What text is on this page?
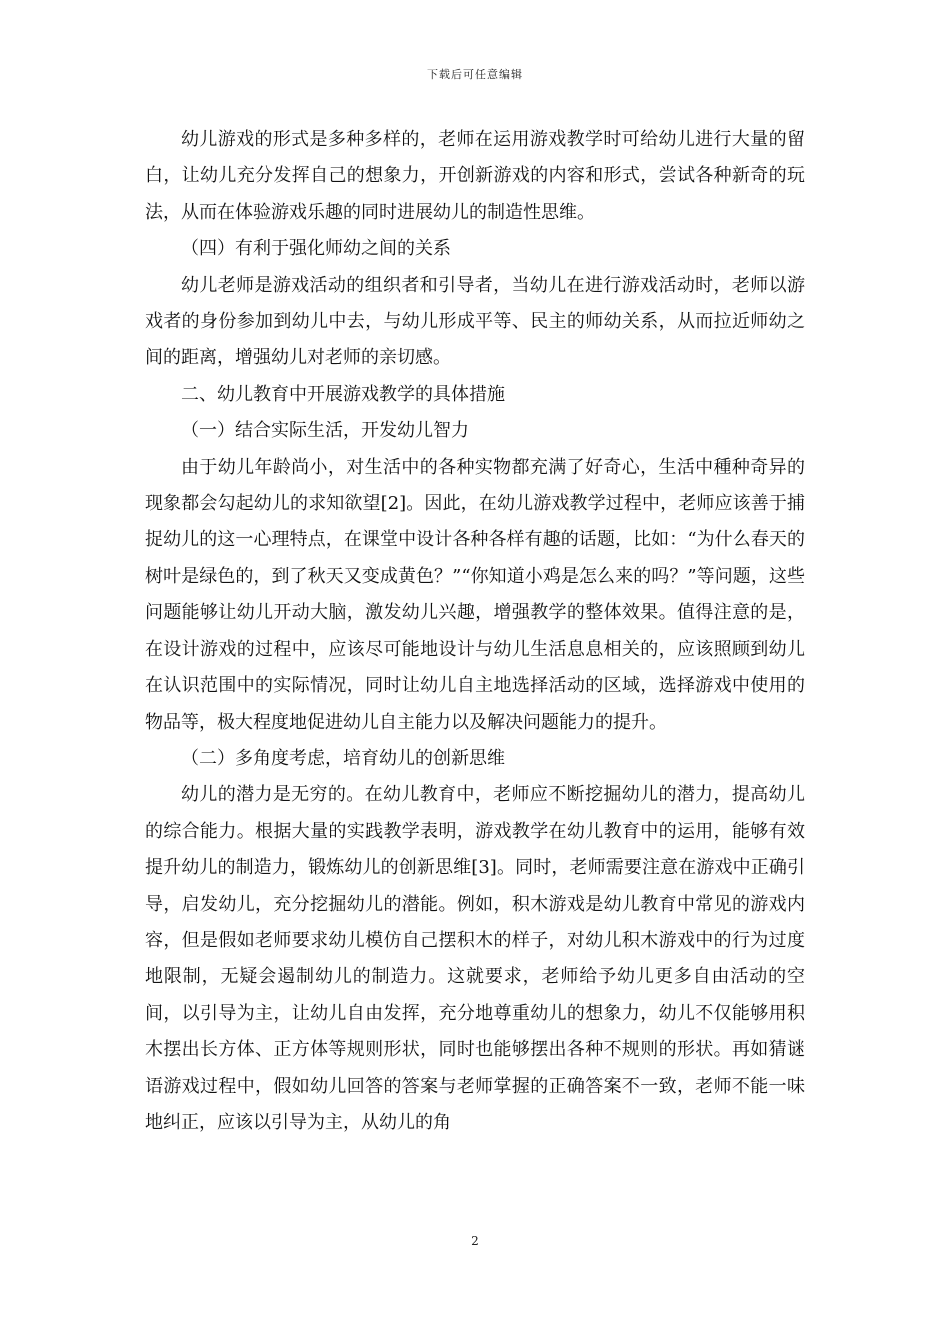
下载后可任意编辑

幼儿游戏的形式是多种多样的，老师在运用游戏教学时可给幼儿进行大量的留白，让幼儿充分发挥自己的想象力，开创新游戏的内容和形式，尝试各种新奇的玩法，从而在体验游戏乐趣的同时进展幼儿的制造性思维。

（四）有利于强化师幼之间的关系

幼儿老师是游戏活动的组织者和引导者，当幼儿在进行游戏活动时，老师以游戏者的身份参加到幼儿中去，与幼儿形成平等、民主的师幼关系，从而拉近师幼之间的距离，增强幼儿对老师的亲切感。

二、幼儿教育中开展游戏教学的具体措施

（一）结合实际生活，开发幼儿智力

由于幼儿年龄尚小，对生活中的各种实物都充满了好奇心，生活中種种奇异的现象都会勾起幼儿的求知欲望[2]。因此，在幼儿游戏教学过程中，老师应该善于捕捉幼儿的这一心理特点，在课堂中设计各种各样有趣的话题，比如：“为什么春天的树叶是绿色的，到了秋天又变成黄色？”“你知道小鸡是怎么来的吗？”等问题，这些问题能够让幼儿开动大脑，激发幼儿兴趣，增强教学的整体效果。值得注意的是，在设计游戏的过程中，应该尽可能地设计与幼儿生活息息相关的，应该照顾到幼儿在认识范围中的实际情况，同时让幼儿自主地选择活动的区域，选择游戏中使用的物品等，极大程度地促进幼儿自主能力以及解决问题能力的提升。

（二）多角度考虑，培育幼儿的创新思维

幼儿的潜力是无穷的。在幼儿教育中，老师应不断挖掘幼儿的潜力，提高幼儿的综合能力。根据大量的实践教学表明，游戏教学在幼儿教育中的运用，能够有效提升幼儿的制造力，锻炼幼儿的创新思维[3]。同时，老师需要注意在游戏中正确引导，启发幼儿，充分挖掘幼儿的潜能。例如，积木游戏是幼儿教育中常见的游戏内容，但是假如老师要求幼儿模仿自己摆积木的样子，对幼儿积木游戏中的行为过度地限制，无疑会遏制幼儿的制造力。这就要求，老师给予幼儿更多自由活动的空间，以引导为主，让幼儿自由发挥，充分地尊重幼儿的想象力，幼儿不仅能够用积木摆出长方体、正方体等规则形状，同时也能够摆出各种不规则的形状。再如猜谜语游戏过程中，假如幼儿回答的答案与老师掌握的正确答案不一致，老师不能一味地纠正，应该以引导为主，从幼儿的角

2
